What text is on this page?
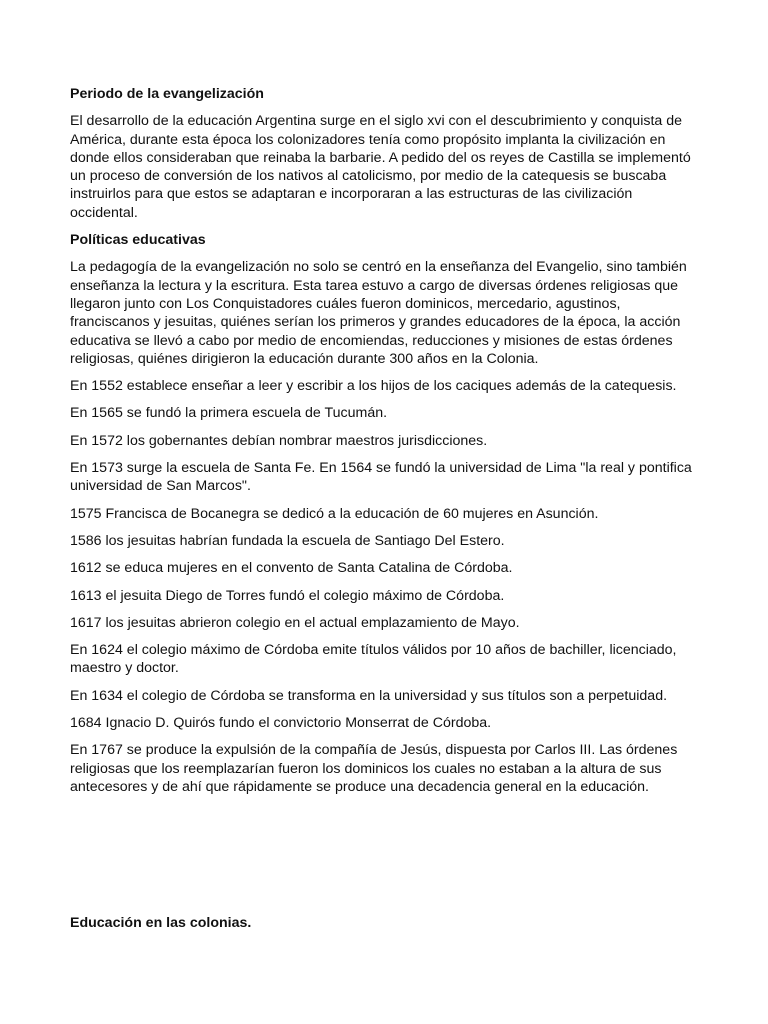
Periodo de la evangelización

El desarrollo de la educación Argentina surge en el siglo xvi con el descubrimiento y conquista de América, durante esta época los colonizadores tenía como propósito implanta la civilización en donde ellos consideraban que reinaba la barbarie. A pedido del os reyes de Castilla se implementó un proceso de conversión de los nativos al catolicismo, por medio de la catequesis se buscaba instruirlos para que estos se adaptaran e incorporaran a las estructuras de las civilización occidental.

Políticas educativas

La pedagogía de la evangelización no solo se centró en la enseñanza del Evangelio, sino también enseñanza la lectura y la escritura. Esta tarea estuvo a cargo de diversas órdenes religiosas que llegaron junto con Los Conquistadores cuáles fueron dominicos, mercedario, agustinos, franciscanos y jesuitas, quiénes serían los primeros y grandes educadores de la época, la acción educativa se llevó a cabo por medio de encomiendas, reducciones y misiones de estas órdenes religiosas, quiénes dirigieron la educación durante 300 años en la Colonia.

En 1552 establece enseñar a leer y escribir a los hijos de los caciques además de la catequesis.

En 1565 se fundó la primera escuela de Tucumán.

En 1572 los gobernantes debían nombrar maestros jurisdicciones.

En 1573 surge la escuela de Santa Fe. En 1564 se fundó la universidad de Lima "la real y pontifica universidad de San Marcos".

1575 Francisca de Bocanegra se dedicó a la educación de 60 mujeres en Asunción.

1586 los jesuitas habrían fundada la escuela de Santiago Del Estero.

1612 se educa mujeres en el convento de Santa Catalina de Córdoba.

1613 el jesuita Diego de Torres fundó el colegio máximo de Córdoba.

1617 los jesuitas abrieron colegio en el actual emplazamiento de Mayo.

En 1624 el colegio máximo de Córdoba emite títulos válidos por 10 años de bachiller, licenciado, maestro y doctor.

En 1634 el colegio de Córdoba se transforma en la universidad y sus títulos son a perpetuidad.

1684 Ignacio D. Quirós fundo el convictorio Monserrat de Córdoba.

En 1767 se produce la expulsión de la compañía de Jesús, dispuesta por Carlos III. Las órdenes religiosas que los reemplazarían fueron los dominicos los cuales no estaban a la altura de sus antecesores y de ahí que rápidamente se produce una decadencia general en la educación.

Educación en las colonias.
